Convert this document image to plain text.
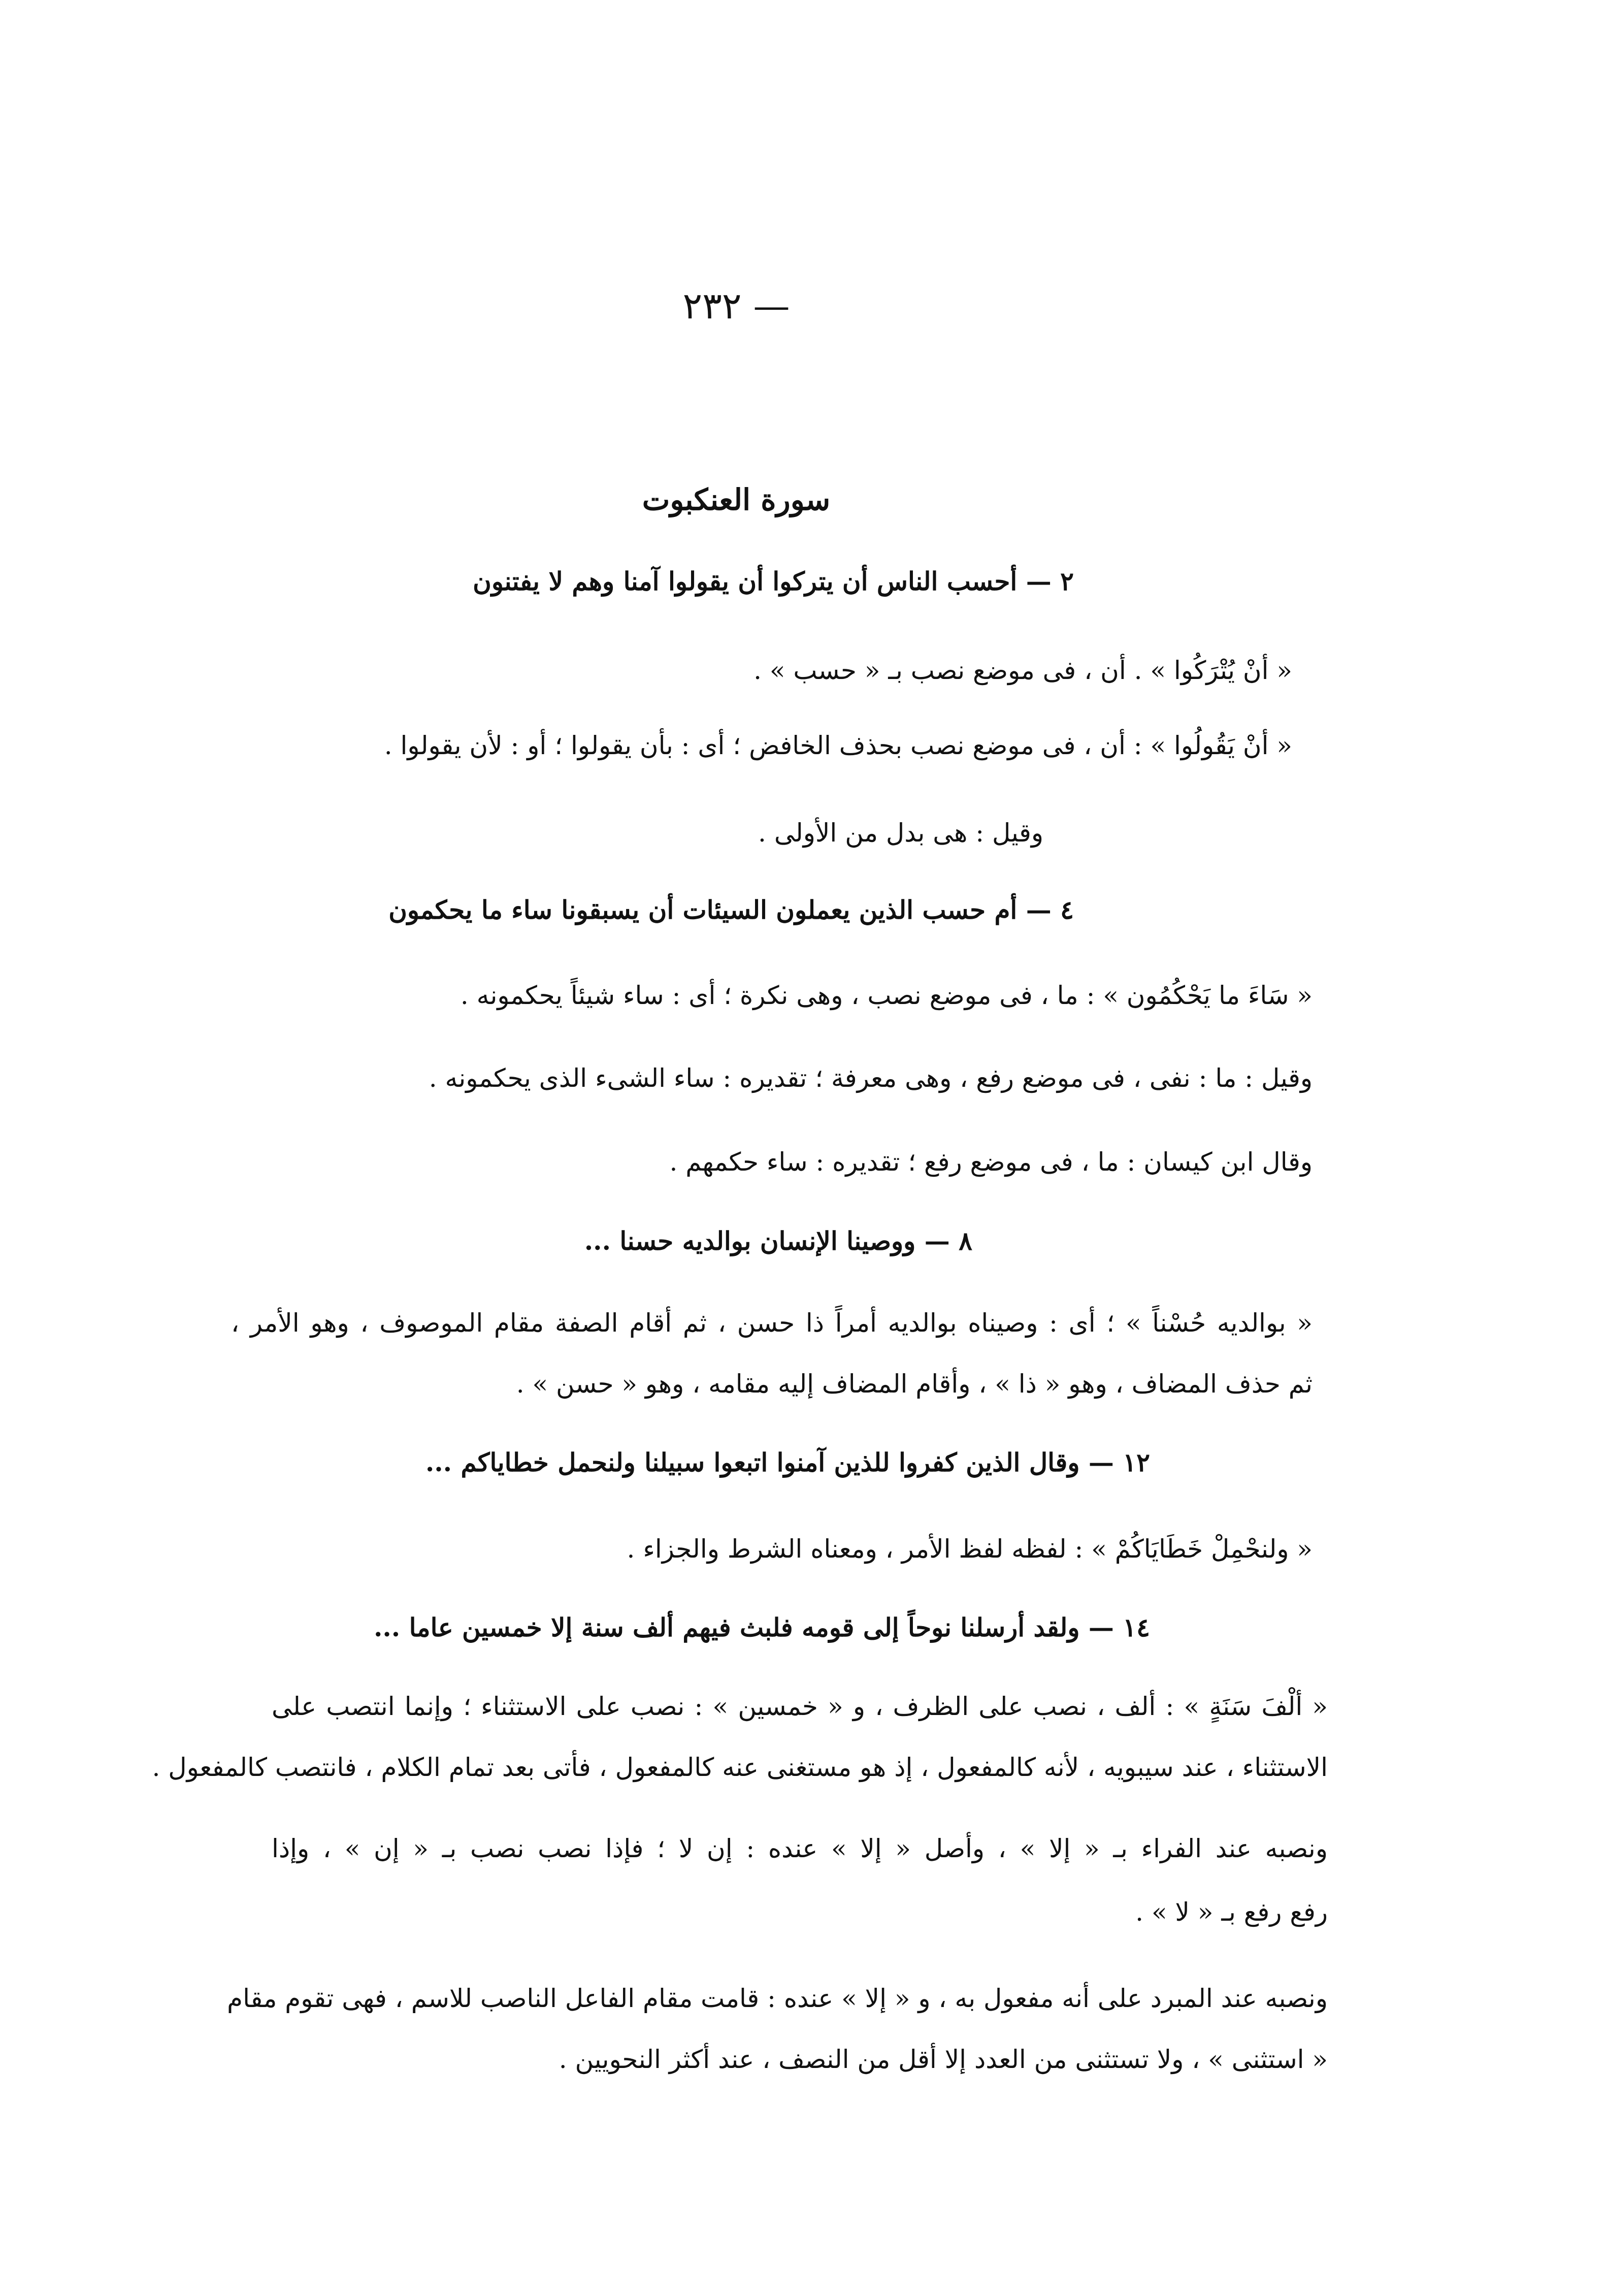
— ٢٣٢
سورة العنكبوت
٢ — أحسب الناس أن يتركوا أن يقولوا آمنا وهم لا يفتنون
« أنْ يُتْرَكُوا » . أن ، فى موضع نصب بـ « حسب » .
« أنْ يَقُولُوا » : أن ، فى موضع نصب بحذف الخافض ؛ أى : بأن يقولوا ؛ أو : لأن يقولوا .
وقيل : هى بدل من الأولى .
٤ — أم حسب الذين يعملون السيئات أن يسبقونا ساء ما يحكمون
« سَاءَ ما يَحْكُمُون » : ما ، فى موضع نصب ، وهى نكرة ؛ أى : ساء شيئاً يحكمونه .
وقيل : ما : نفى ، فى موضع رفع ، وهى معرفة ؛ تقديره : ساء الشىء الذى يحكمونه .
وقال ابن كيسان : ما ، فى موضع رفع ؛ تقديره : ساء حكمهم .
٨ — ووصينا الإنسان بوالديه حسنا ...
« بوالديه حُسْناً » ؛ أى : وصيناه بوالديه أمراً ذا حسن ، ثم أقام الصفة مقام الموصوف ، وهو الأمر ،
ثم حذف المضاف ، وهو « ذا » ، وأقام المضاف إليه مقامه ، وهو « حسن » .
١٢ — وقال الذين كفروا للذين آمنوا اتبعوا سبيلنا ولنحمل خطاياكم ...
« ولنحْمِلْ خَطَايَاكُمْ » : لفظه لفظ الأمر ، ومعناه الشرط والجزاء .
١٤ — ولقد أرسلنا نوحاً إلى قومه فلبث فيهم ألف سنة إلا خمسين عاما ...
« ألْفَ سَنَةٍ » : ألف ، نصب على الظرف ، و « خمسين » : نصب على الاستثناء ؛ وإنما انتصب على
الاستثناء ، عند سيبويه ، لأنه كالمفعول ، إذ هو مستغنى عنه كالمفعول ، فأتى بعد تمام الكلام ، فانتصب كالمفعول .
ونصبه عند الفراء بـ « إلا » ، وأصل « إلا » عنده : إن لا ؛ فإذا نصب نصب بـ « إن » ، وإذا
رفع رفع بـ « لا » .
ونصبه عند المبرد على أنه مفعول به ، و « إلا » عنده : قامت مقام الفاعل الناصب للاسم ، فهى تقوم مقام
« استثنى » ، ولا تستثنى من العدد إلا أقل من النصف ، عند أكثر النحويين .
